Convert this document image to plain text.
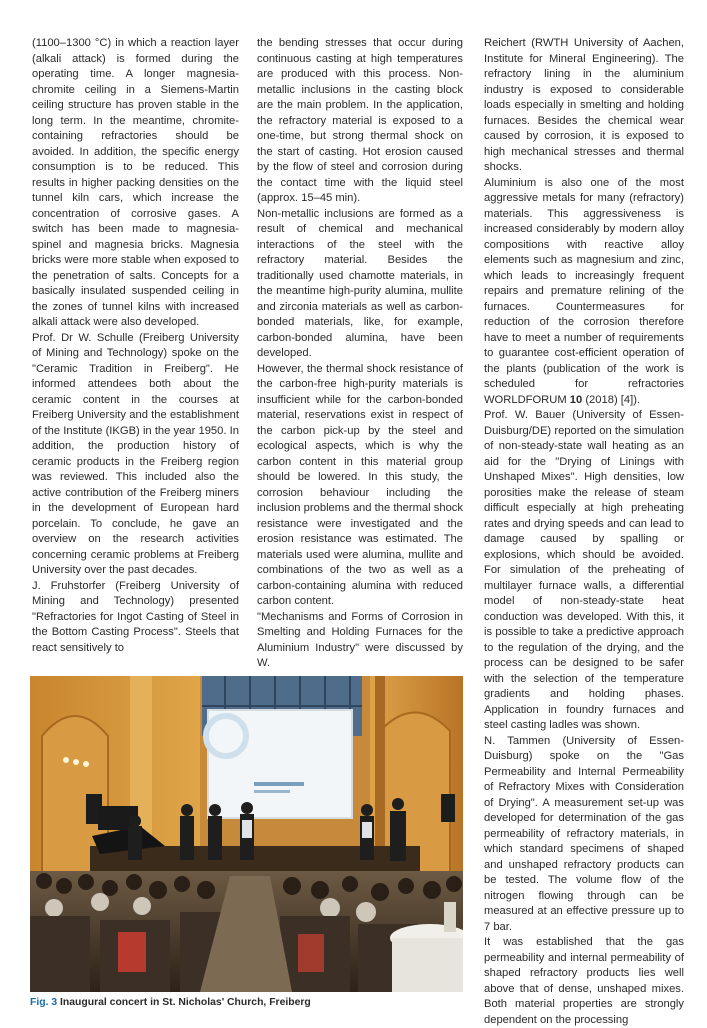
(1100–1300 °C) in which a reaction layer (alkali attack) is formed during the operating time. A longer magnesia-chromite ceiling in a Siemens-Martin ceiling structure has proven stable in the long term. In the meantime, chromite-containing refractories should be avoided. In addition, the specific energy consumption is to be reduced. This results in higher packing densities on the tunnel kiln cars, which increase the concentration of corrosive gases. A switch has been made to magnesia-spinel and magnesia bricks. Magnesia bricks were more stable when exposed to the penetration of salts. Concepts for a basically insulated suspended ceiling in the zones of tunnel kilns with increased alkali attack were also developed.

Prof. Dr W. Schulle (Freiberg University of Mining and Technology) spoke on the "Ceramic Tradition in Freiberg". He informed attendees both about the ceramic content in the courses at Freiberg University and the establishment of the Institute (IKGB) in the year 1950. In addition, the production history of ceramic products in the Freiberg region was reviewed. This included also the active contribution of the Freiberg miners in the development of European hard porcelain. To conclude, he gave an overview on the research activities concerning ceramic problems at Freiberg University over the past decades.

J. Fruhstorfer (Freiberg University of Mining and Technology) presented "Refractories for Ingot Casting of Steel in the Bottom Casting Process". Steels that react sensitively to

the bending stresses that occur during continuous casting at high temperatures are produced with this process. Non-metallic inclusions in the casting block are the main problem. In the application, the refractory material is exposed to a one-time, but strong thermal shock on the start of casting. Hot erosion caused by the flow of steel and corrosion during the contact time with the liquid steel (approx. 15–45 min).

Non-metallic inclusions are formed as a result of chemical and mechanical interactions of the steel with the refractory material. Besides the traditionally used chamotte materials, in the meantime high-purity alumina, mullite and zirconia materials as well as carbon-bonded materials, like, for example, carbon-bonded alumina, have been developed.

However, the thermal shock resistance of the carbon-free high-purity materials is insufficient while for the carbon-bonded material, reservations exist in respect of the carbon pick-up by the steel and ecological aspects, which is why the carbon content in this material group should be lowered. In this study, the corrosion behaviour including the inclusion problems and the thermal shock resistance were investigated and the erosion resistance was estimated. The materials used were alumina, mullite and combinations of the two as well as a carbon-containing alumina with reduced carbon content.

"Mechanisms and Forms of Corrosion in Smelting and Holding Furnaces for the Aluminium Industry" were discussed by W.

Reichert (RWTH University of Aachen, Institute for Mineral Engineering). The refractory lining in the aluminium industry is exposed to considerable loads especially in smelting and holding furnaces. Besides the chemical wear caused by corrosion, it is exposed to high mechanical stresses and thermal shocks.

Aluminium is also one of the most aggressive metals for many (refractory) materials. This aggressiveness is increased considerably by modern alloy compositions with reactive alloy elements such as magnesium and zinc, which leads to increasingly frequent repairs and premature relining of the furnaces. Countermeasures for reduction of the corrosion therefore have to meet a number of requirements to guarantee cost-efficient operation of the plants (publication of the work is scheduled for refractories WORLDFORUM 10 (2018) [4]).

Prof. W. Bauer (University of Essen-Duisburg/DE) reported on the simulation of non-steady-state wall heating as an aid for the "Drying of Linings with Unshaped Mixes". High densities, low porosities make the release of steam difficult especially at high preheating rates and drying speeds and can lead to damage caused by spalling or explosions, which should be avoided. For simulation of the preheating of multilayer furnace walls, a differential model of non-steady-state heat conduction was developed. With this, it is possible to take a predictive approach to the regulation of the drying, and the process can be designed to be safer with the selection of the temperature gradients and holding phases. Application in foundry furnaces and steel casting ladles was shown.

N. Tammen (University of Essen-Duisburg) spoke on the "Gas Permeability and Internal Permeability of Refractory Mixes with Consideration of Drying". A measurement set-up was developed for determination of the gas permeability of refractory materials, in which standard specimens of shaped and unshaped refractory products can be tested. The volume flow of the nitrogen flowing through can be measured at an effective pressure up to 7 bar.

It was established that the gas permeability and internal permeability of shaped refractory products lies well above that of dense, unshaped mixes. Both material properties are strongly dependent on the processing

Fig. 3 Inaugural concert in St. Nicholas' Church, Freiberg
